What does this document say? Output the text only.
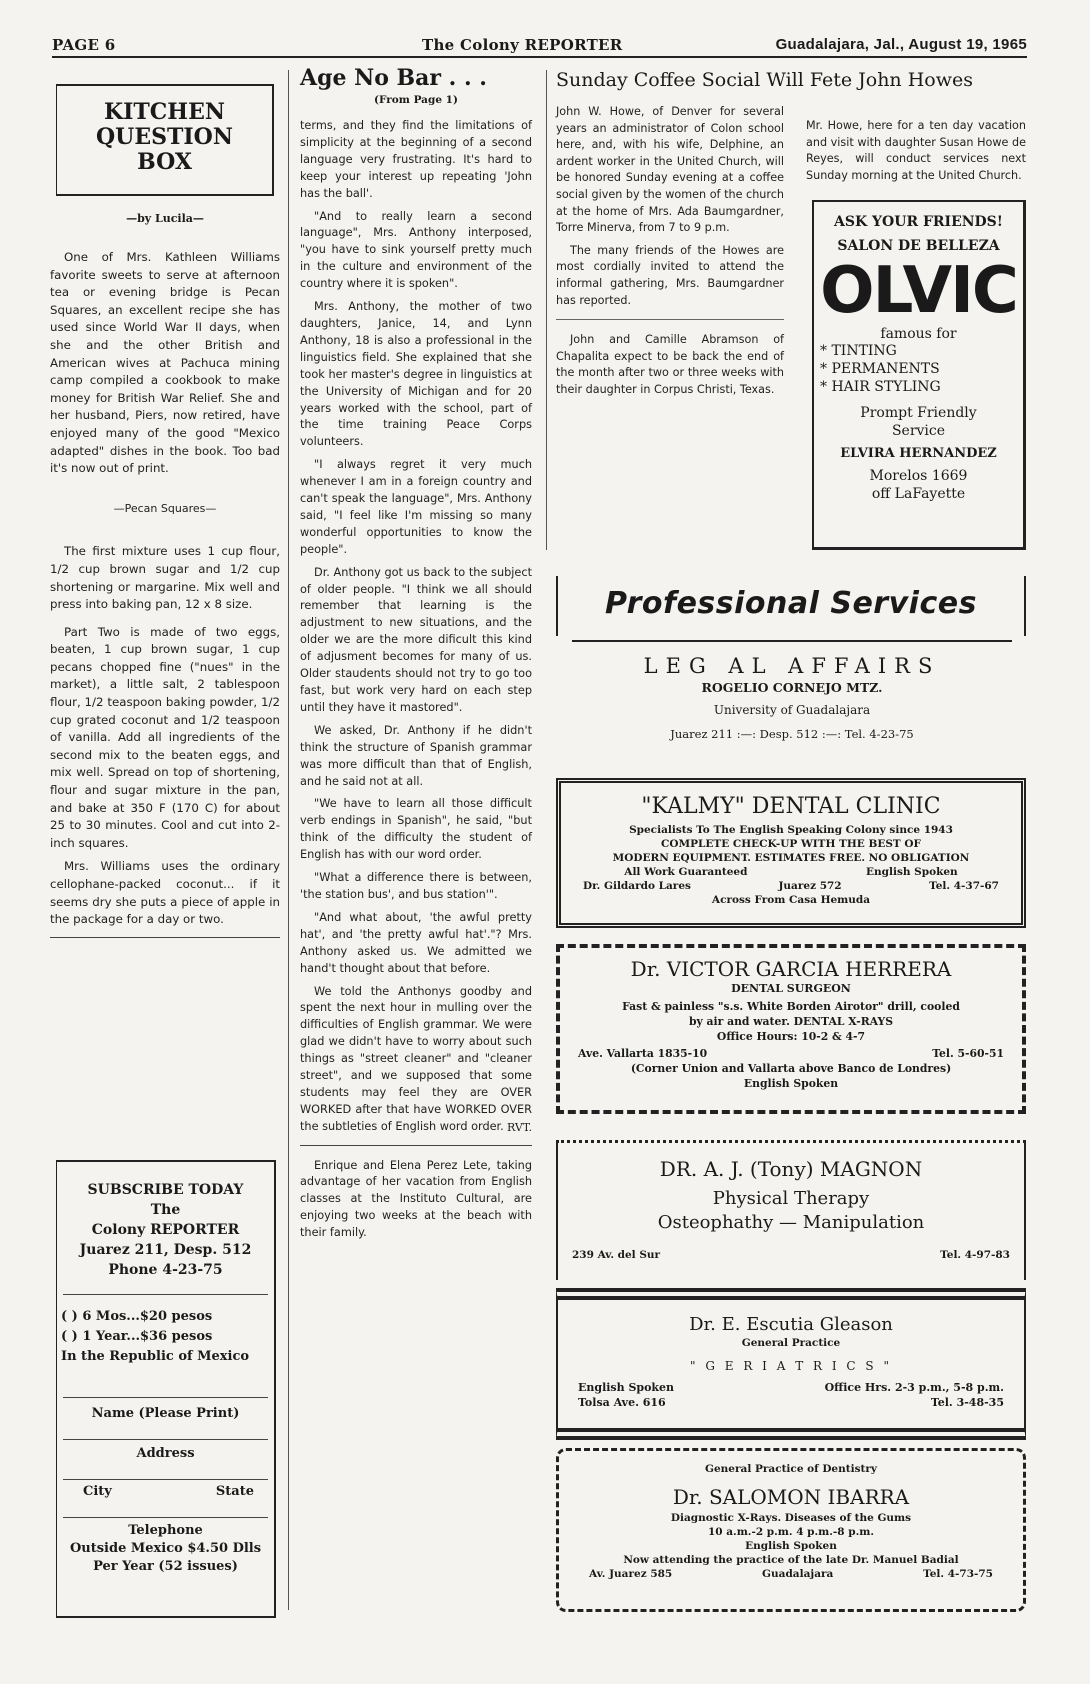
PAGE 6	The Colony REPORTER	Guadalajara, Jal., August 19, 1965
KITCHEN
QUESTION
BOX
—by Lucila—

One of Mrs. Kathleen Williams favorite sweets to serve at afternoon tea or evening bridge is Pecan Squares, an excellent recipe she has used since World War II days, when she and the other British and American wives at Pachuca mining camp compiled a cookbook to make money for British War Relief. She and her husband, Piers, now retired, have enjoyed many of the good "Mexico adapted" dishes in the book. Too bad it's now out of print.

—Pecan Squares—

The first mixture uses 1 cup flour, 1/2 cup brown sugar and 1/2 cup shortening or margarine. Mix well and press into baking pan, 12 x 8 size.

Part Two is made of two eggs, beaten, 1 cup brown sugar, 1 cup pecans chopped fine ("nues" in the market), a little salt, 2 tablespoon flour, 1/2 teaspoon baking powder, 1/2 cup grated coconut and 1/2 teaspoon of vanilla. Add all ingredients of the second mix to the beaten eggs, and mix well. Spread on top of shortening, flour and sugar mixture in the pan, and bake at 350 F (170 C) for about 25 to 30 minutes. Cool and cut into 2-inch squares.

Mrs. Williams uses the ordinary cellophane-packed coconut... if it seems dry she puts a piece of apple in the package for a day or two.

SUBSCRIBE TODAY
The
Colony REPORTER
Juarez 211, Desp. 512
Phone 4-23-75
( ) 6 Mos...$20 pesos
( ) 1 Year...$36 pesos
In the Republic of Mexico
Name (Please Print)
Address
City	State
Telephone
Outside Mexico $4.50 Dlls
Per Year (52 issues)
Age No Bar . . .
(From Page 1)

terms, and they find the limitations of simplicity at the beginning of a second language very frustrating. It's hard to keep your interest up repeating 'John has the ball'.

"And to really learn a second language", Mrs. Anthony interposed, "you have to sink yourself pretty much in the culture and environment of the country where it is spoken".

Mrs. Anthony, the mother of two daughters, Janice, 14, and Lynn Anthony, 18 is also a professional in the linguistics field. She explained that she took her master's degree in linguistics at the University of Michigan and for 20 years worked with the school, part of the time training Peace Corps volunteers.

"I always regret it very much whenever I am in a foreign country and can't speak the language", Mrs. Anthony said, "I feel like I'm missing so many wonderful opportunities to know the people".

Dr. Anthony got us back to the subject of older people. "I think we all should remember that learning is the adjustment to new situations, and the older we are the more dificult this kind of adjusment becomes for many of us. Older staudents should not try to go too fast, but work very hard on each step until they have it mastored".

We asked, Dr. Anthony if he didn't think the structure of Spanish grammar was more difficult than that of English, and he said not at all.

"We have to learn all those difficult verb endings in Spanish", he said, "but think of the difficulty the student of English has with our word order.

"What a difference there is between, 'the station bus', and bus station'".

"And what about, 'the awful pretty hat', and 'the pretty awful hat'."? Mrs. Anthony asked us. We admitted we hand't thought about that before.

We told the Anthonys goodby and spent the next hour in mulling over the difficulties of English grammar. We were glad we didn't have to worry about such things as "street cleaner" and "cleaner street", and we supposed that some students may feel they are OVER WORKED after that have WORKED OVER the subtleties of English word order. RVT.

Enrique and Elena Perez Lete, taking advantage of her vacation from English classes at the Instituto Cultural, are enjoying two weeks at the beach with their family.

Sunday Coffee Social Will Fete John Howes

John W. Howe, of Denver for several years an administrator of Colon school here, and, with his wife, Delphine, an ardent worker in the United Church, will be honored Sunday evening at a coffee social given by the women of the church at the home of Mrs. Ada Baumgardner, Torre Minerva, from 7 to 9 p.m.

The many friends of the Howes are most cordially invited to attend the informal gathering, Mrs. Baumgardner has reported.

John and Camille Abramson of Chapalita expect to be back the end of the month after two or three weeks with their daughter in Corpus Christi, Texas.

Mr. Howe, here for a ten day vacation and visit with daughter Susan Howe de Reyes, will conduct services next Sunday morning at the United Church.

ASK YOUR FRIENDS!
SALON DE BELLEZA
OLVIC
famous for
* TINTING
* PERMANENTS
* HAIR STYLING
Prompt Friendly
Service
ELVIRA HERNANDEZ
Morelos 1669
off LaFayette
Professional Services
LEG AL AFFAIRS
ROGELIO CORNEJO MTZ.
University of Guadalajara
Juarez 211 :—: Desp. 512 :—: Tel. 4-23-75
"KALMY" DENTAL CLINIC
Specialists To The English Speaking Colony since 1943
COMPLETE CHECK-UP WITH THE BEST OF
MODERN EQUIPMENT. ESTIMATES FREE. NO OBLIGATION
All Work Guaranteed	English Spoken
Dr. Gildardo Lares	Juarez 572	Tel. 4-37-67
Across From Casa Hemuda
Dr. VICTOR GARCIA HERRERA
DENTAL SURGEON
Fast & painless "s.s. White Borden Airotor" drill, cooled
by air and water. DENTAL X-RAYS
Office Hours: 10-2 & 4-7
Ave. Vallarta 1835-10	Tel. 5-60-51
(Corner Union and Vallarta above Banco de Londres)
English Spoken
DR. A. J. (Tony) MAGNON
Physical Therapy
Osteophathy — Manipulation
239 Av. del Sur	Tel. 4-97-83
Dr. E. Escutia Gleason
General Practice
" G E R I A T R I C S "
English Spoken	Office Hrs. 2-3 p.m., 5-8 p.m.
Tolsa Ave. 616	Tel. 3-48-35
General Practice of Dentistry
Dr. SALOMON IBARRA
Diagnostic X-Rays. Diseases of the Gums
10 a.m.-2 p.m. 4 p.m.-8 p.m.
English Spoken
Now attending the practice of the late Dr. Manuel Badial
Av. Juarez 585	Guadalajara	Tel. 4-73-75
